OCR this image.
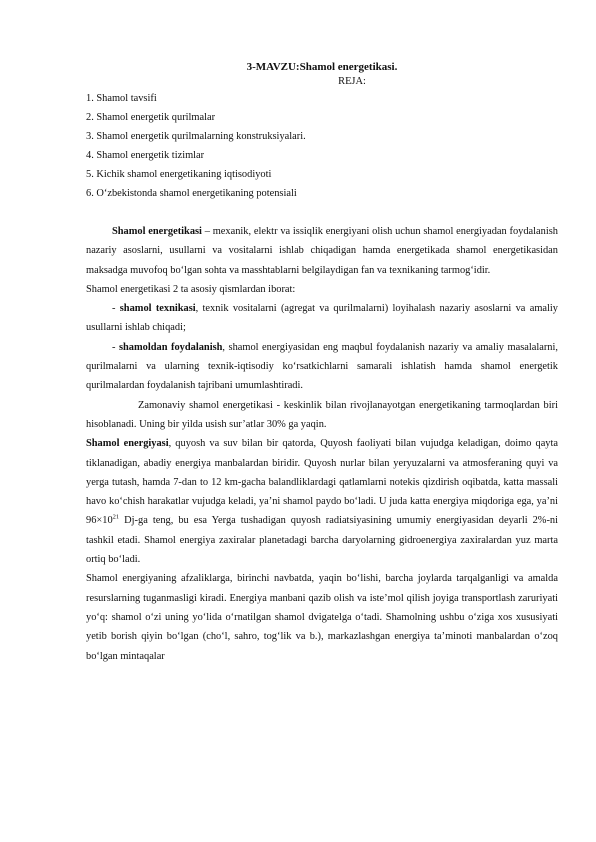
3-MAVZU:Shamol energetikasi.
REJA:
1. Shamol tavsifi
2. Shamol energetik qurilmalar
3. Shamol energetik qurilmalarning konstruksiyalari.
4. Shamol energetik tizimlar
5. Kichik shamol energetikaning iqtisodiyoti
6. O‘zbekistonda shamol energetikaning potensiali

Shamol energetikasi – mexanik, elektr va issiqlik energiyani olish uchun shamol energiyadan foydalanish nazariy asoslarni, usullarni va vositalarni ishlab chiqadigan hamda energetikada shamol energetikasidan maksadga muvofoq bo‘lgan sohta va masshtablarni belgilaydigan fan va texnikaning tarmog‘idir.

Shamol energetikasi 2 ta asosiy qismlardan iborat:

- shamol texnikasi, texnik vositalarni (agregat va qurilmalarni) loyihalash nazariy asoslarni va amaliy usullarni ishlab chiqadi;

- shamoldan foydalanish, shamol energiyasidan eng maqbul foydalanish nazariy va amaliy masalalarni, qurilmalarni va ularning texnik-iqtisodiy ko‘rsatkichlarni samarali ishlatish hamda shamol energetik qurilmalardan foydalanish tajribani umumlashtiradi.

Zamonaviy shamol energetikasi - keskinlik bilan rivojlanayotgan energetikaning tarmoqlardan biri hisoblanadi. Uning bir yilda usish sur’atlar 30% ga yaqin.

Shamol energiyasi, quyosh va suv bilan bir qatorda, Quyosh faoliyati bilan vujudga keladigan, doimo qayta tiklanadigan, abadiy energiya manbalardan biridir. Quyosh nurlar bilan yeryuzalarni va atmosferaning quyi va yerga tutash, hamda 7-dan to 12 km-gacha balandliklardagi qatlamlarni notekis qizdirish oqibatda, katta massali havo ko‘chish harakatlar vujudga keladi, ya’ni shamol paydo bo‘ladi. U juda katta energiya miqdoriga ega, ya’ni $96\times 10^{21}$ Dj-ga teng, bu esa Yerga tushadigan quyosh radiatsiyasining umumiy energiyasidan deyarli 2%-ni tashkil etadi. Shamol energiya zaxiralar planetadagi barcha daryolarning gidroenergiya zaxiralardan yuz marta ortiq bo‘ladi.

Shamol energiyaning afzaliklarga, birinchi navbatda, yaqin bo‘lishi, barcha joylarda tarqalganligi va amalda resurslarning tuganmasligi kiradi. Energiya manbani qazib olish va iste’mol qilish joyiga transportlash zaruriyati yo‘q: shamol o‘zi uning yo‘lida o‘rnatilgan shamol dvigatelga o‘tadi. Shamolning ushbu o‘ziga xos xususiyati yetib borish qiyin bo‘lgan (cho‘l, sahro, tog‘lik va b.), markazlashgan energiya ta’minoti manbalardan o‘zoq bo‘lgan mintaqalar
